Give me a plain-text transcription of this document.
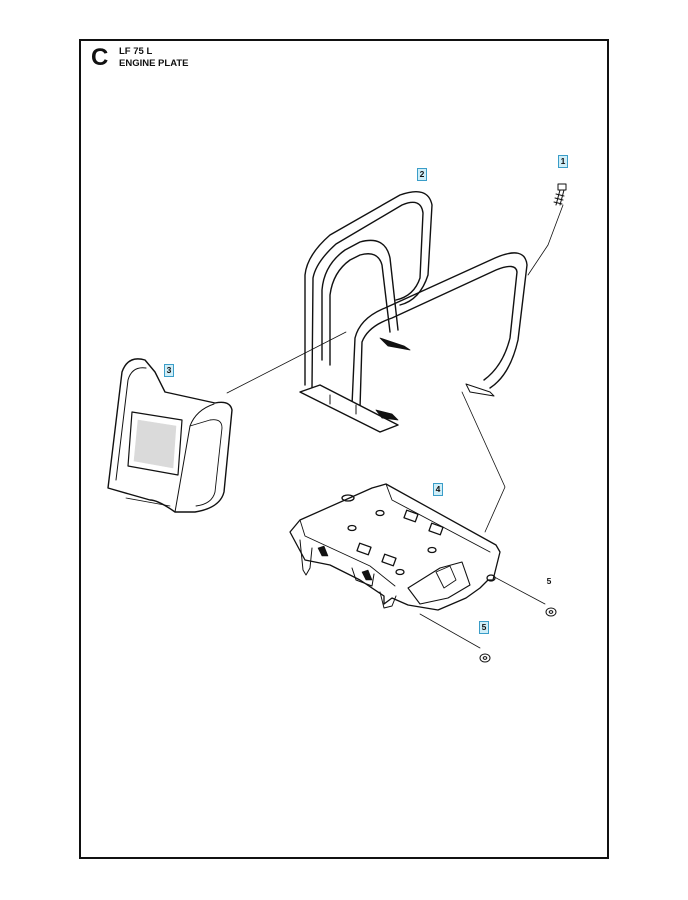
C LF 75 L
ENGINE PLATE
1
2
3
4
5
5
